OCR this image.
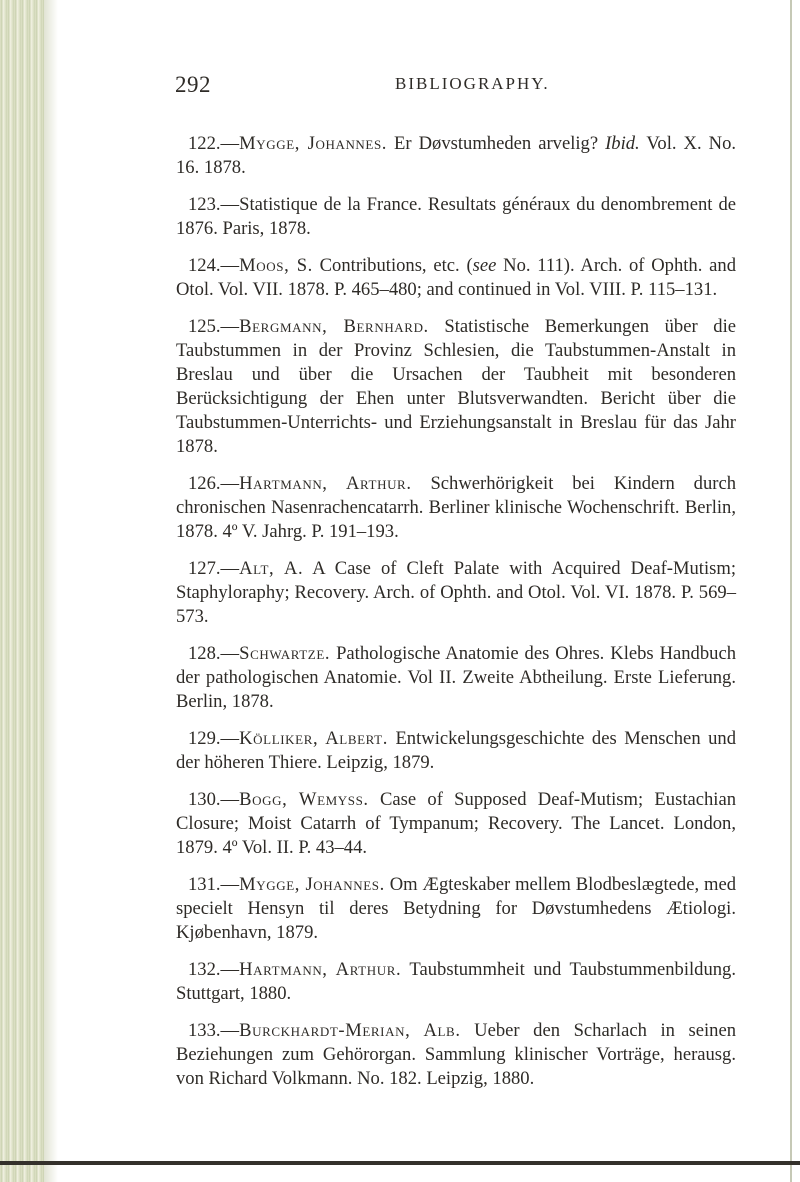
292	BIBLIOGRAPHY.
122.—Mygge, Johannes. Er Døvstumheden arvelig? Ibid. Vol. X. No. 16. 1878.
123.—Statistique de la France. Resultats généraux du denombrement de 1876. Paris, 1878.
124.—Moos, S. Contributions, etc. (see No. 111). Arch. of Ophth. and Otol. Vol. VII. 1878. P. 465–480; and continued in Vol. VIII. P. 115–131.
125.—Bergmann, Bernhard. Statistische Bemerkungen über die Taubstummen in der Provinz Schlesien, die Taubstummen-Anstalt in Breslau und über die Ursachen der Taubheit mit besonderen Berücksichtigung der Ehen unter Blutsverwandten. Bericht über die Taubstummen-Unterrichts- und Erziehungsanstalt in Breslau für das Jahr 1878.
126.—Hartmann, Arthur. Schwerhörigkeit bei Kindern durch chronischen Nasenrachencatarrh. Berliner klinische Wochenschrift. Berlin, 1878. 4º V. Jahrg. P. 191–193.
127.—Alt, A. A Case of Cleft Palate with Acquired Deaf-Mutism; Staphyloraphy; Recovery. Arch. of Ophth. and Otol. Vol. VI. 1878. P. 569–573.
128.—Schwartze. Pathologische Anatomie des Ohres. Klebs Handbuch der pathologischen Anatomie. Vol II. Zweite Abtheilung. Erste Lieferung. Berlin, 1878.
129.—Kölliker, Albert. Entwickelungsgeschichte des Menschen und der höheren Thiere. Leipzig, 1879.
130.—Bogg, Wemyss. Case of Supposed Deaf-Mutism; Eustachian Closure; Moist Catarrh of Tympanum; Recovery. The Lancet. London, 1879. 4º Vol. II. P. 43–44.
131.—Mygge, Johannes. Om Ægteskaber mellem Blodbeslægtede, med specielt Hensyn til deres Betydning for Døvstumhedens Ætiologi. Kjøbenhavn, 1879.
132.—Hartmann, Arthur. Taubstummheit und Taubstummenbildung. Stuttgart, 1880.
133.—Burckhardt-Merian, Alb. Ueber den Scharlach in seinen Beziehungen zum Gehörorgan. Sammlung klinischer Vorträge, herausg. von Richard Volkmann. No. 182. Leipzig, 1880.
